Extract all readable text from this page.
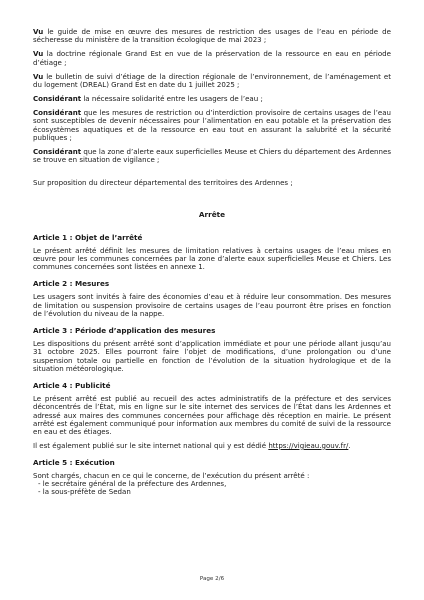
Vu le guide de mise en œuvre des mesures de restriction des usages de l’eau en période de sécheresse du ministère de la transition écologique de mai 2023 ;

Vu la doctrine régionale Grand Est en vue de la préservation de la ressource en eau en période d’étiage ;

Vu le bulletin de suivi d’étiage de la direction régionale de l’environnement, de l’aménagement et du logement (DREAL) Grand Est en date du 1 juillet 2025 ;

Considérant la nécessaire solidarité entre les usagers de l’eau ;

Considérant que les mesures de restriction ou d’interdiction provisoire de certains usages de l’eau sont susceptibles de devenir nécessaires pour l’alimentation en eau potable et la préservation des écosystèmes aquatiques et de la ressource en eau tout en assurant la salubrité et la sécurité publiques ;

Considérant que la zone d’alerte eaux superficielles Meuse et Chiers du département des Ardennes se trouve en situation de vigilance ;

Sur proposition du directeur départemental des territoires des Ardennes ;

Arrête

Article 1 : Objet de l’arrêté

Le présent arrêté définit les mesures de limitation relatives à certains usages de l’eau mises en œuvre pour les communes concernées par la zone d’alerte eaux superficielles Meuse et Chiers. Les communes concernées sont listées en annexe 1.

Article 2 : Mesures

Les usagers sont invités à faire des économies d’eau et à réduire leur consommation. Des mesures de limitation ou suspension provisoire de certains usages de l’eau pourront être prises en fonction de l’évolution du niveau de la nappe.

Article 3 : Période d’application des mesures

Les dispositions du présent arrêté sont d’application immédiate et pour une période allant jusqu’au 31 octobre 2025. Elles pourront faire l’objet de modifications, d’une prolongation ou d’une suspension totale ou partielle en fonction de l’évolution de la situation hydrologique et de la situation météorologique.

Article 4 : Publicité

Le présent arrêté est publié au recueil des actes administratifs de la préfecture et des services déconcentrés de l’État, mis en ligne sur le site internet des services de l’État dans les Ardennes et adressé aux maires des communes concernées pour affichage dès réception en mairie. Le présent arrêté est également communiqué pour information aux membres du comité de suivi de la ressource en eau et des étiages.

Il est également publié sur le site internet national qui y est dédié https://vigieau.gouv.fr/.

Article 5 : Exécution

Sont chargés, chacun en ce qui le concerne, de l’exécution du présent arrêté :

- le secrétaire général de la préfecture des Ardennes,

- la sous-préfète de Sedan

Page 2/6
